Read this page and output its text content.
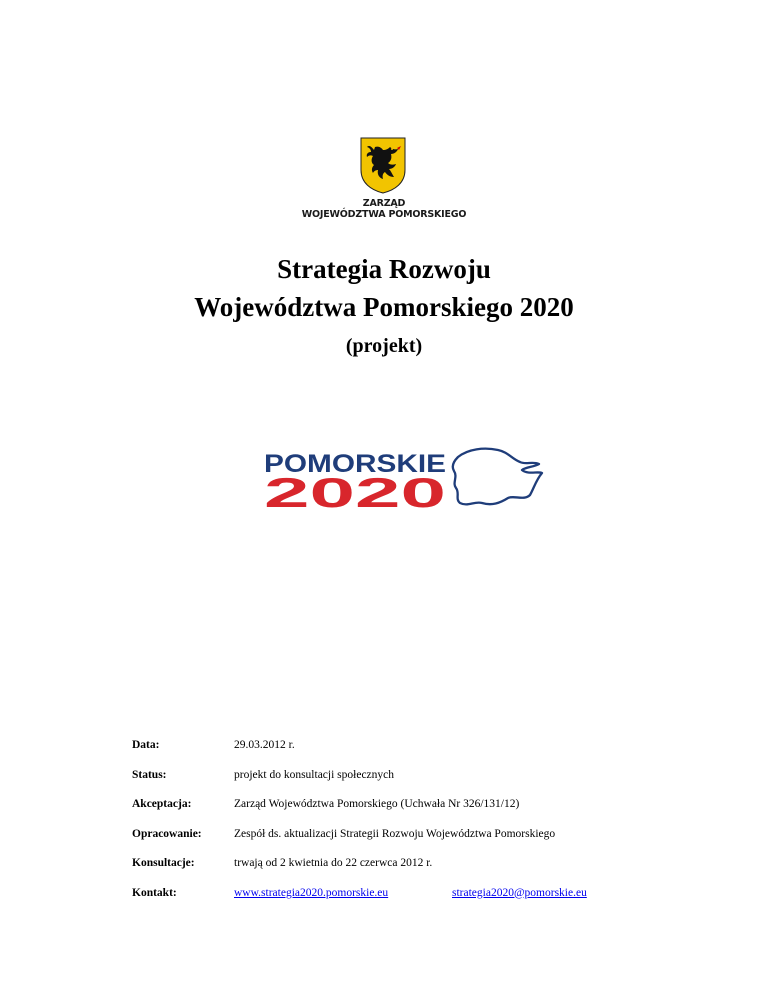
ZARZĄD
WOJEWÓDZTWA POMORSKIEGO
Strategia Rozwoju
Województwa Pomorskiego 2020
(projekt)
POMORSKIE
2020
Data:	29.03.2012 r.
Status:	projekt do konsultacji społecznych
Akceptacja:	Zarząd Województwa Pomorskiego (Uchwała Nr 326/131/12)
Opracowanie:	Zespół ds. aktualizacji Strategii Rozwoju Województwa Pomorskiego
Konsultacje:	trwają od 2 kwietnia do 22 czerwca 2012 r.
Kontakt:	www.strategia2020.pomorskie.eu	strategia2020@pomorskie.eu
